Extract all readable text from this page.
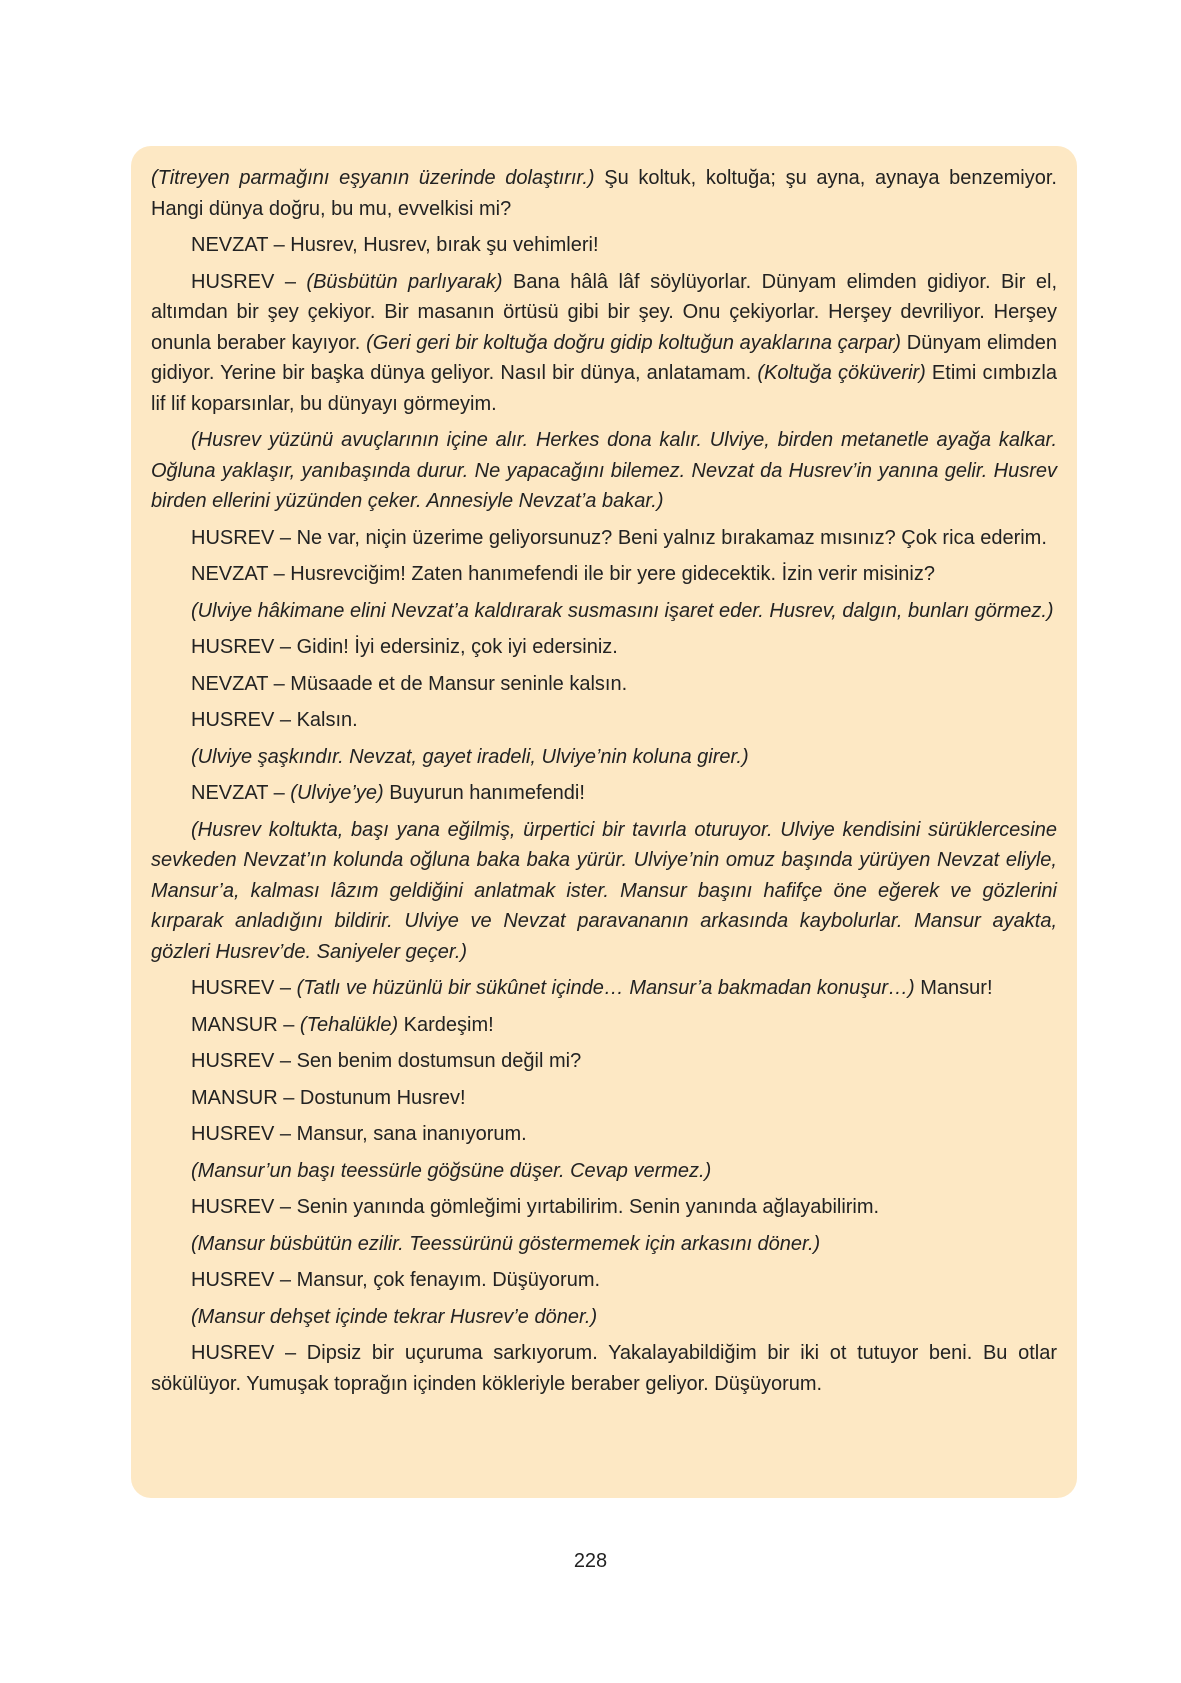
(Titreyen parmağını eşyanın üzerinde dolaştırır.) Şu koltuk, koltuğa; şu ayna, aynaya benzemiyor. Hangi dünya doğru, bu mu, evvelkisi mi?

NEVZAT – Husrev, Husrev, bırak şu vehimleri!

HUSREV – (Büsbütün parlıyarak) Bana hâlâ lâf söylüyorlar. Dünyam elimden gidiyor. Bir el, altımdan bir şey çekiyor. Bir masanın örtüsü gibi bir şey. Onu çekiyorlar. Herşey devriliyor. Herşey onunla beraber kayıyor. (Geri geri bir koltuğa doğru gidip koltuğun ayaklarına çarpar) Dünyam elimden gidiyor. Yerine bir başka dünya geliyor. Nasıl bir dünya, anlatamam. (Koltuğa çöküverir) Etimi cımbızla lif lif koparsınlar, bu dünyayı görmeyim.

(Husrev yüzünü avuçlarının içine alır. Herkes dona kalır. Ulviye, birden metanetle ayağa kalkar. Oğluna yaklaşır, yanıbaşında durur. Ne yapacağını bilemez. Nevzat da Husrev’in yanına gelir. Husrev birden ellerini yüzünden çeker. Annesiyle Nevzat’a bakar.)

HUSREV – Ne var, niçin üzerime geliyorsunuz? Beni yalnız bırakamaz mısınız? Çok rica ederim.

NEVZAT – Husrevciğim! Zaten hanımefendi ile bir yere gidecektik. İzin verir misiniz?

(Ulviye hâkimane elini Nevzat’a kaldırarak susmasını işaret eder. Husrev, dalgın, bunları görmez.)

HUSREV – Gidin! İyi edersiniz, çok iyi edersiniz.

NEVZAT – Müsaade et de Mansur seninle kalsın.

HUSREV – Kalsın.

(Ulviye şaşkındır. Nevzat, gayet iradeli, Ulviye’nin koluna girer.)

NEVZAT – (Ulviye’ye) Buyurun hanımefendi!

(Husrev koltukta, başı yana eğilmiş, ürpertici bir tavırla oturuyor. Ulviye kendisini sürüklercesine sevkeden Nevzat’ın kolunda oğluna baka baka yürür. Ulviye’nin omuz başında yürüyen Nevzat eliyle, Mansur’a, kalması lâzım geldiğini anlatmak ister. Mansur başını hafifçe öne eğerek ve gözlerini kırparak anladığını bildirir. Ulviye ve Nevzat paravananın arkasında kaybolurlar. Mansur ayakta, gözleri Husrev’de. Saniyeler geçer.)

HUSREV – (Tatlı ve hüzünlü bir sükûnet içinde… Mansur’a bakmadan konuşur…) Mansur!

MANSUR – (Tehalükle) Kardeşim!

HUSREV – Sen benim dostumsun değil mi?

MANSUR – Dostunum Husrev!

HUSREV – Mansur, sana inanıyorum.

(Mansur’un başı teessürle göğsüne düşer. Cevap vermez.)

HUSREV – Senin yanında gömleğimi yırtabilirim. Senin yanında ağlayabilirim.

(Mansur büsbütün ezilir. Teessürünü göstermemek için arkasını döner.)

HUSREV – Mansur, çok fenayım. Düşüyorum.

(Mansur dehşet içinde tekrar Husrev’e döner.)

HUSREV – Dipsiz bir uçuruma sarkıyorum. Yakalayabildiğim bir iki ot tutuyor beni. Bu otlar sökülüyor. Yumuşak toprağın içinden kökleriyle beraber geliyor. Düşüyorum.

228
